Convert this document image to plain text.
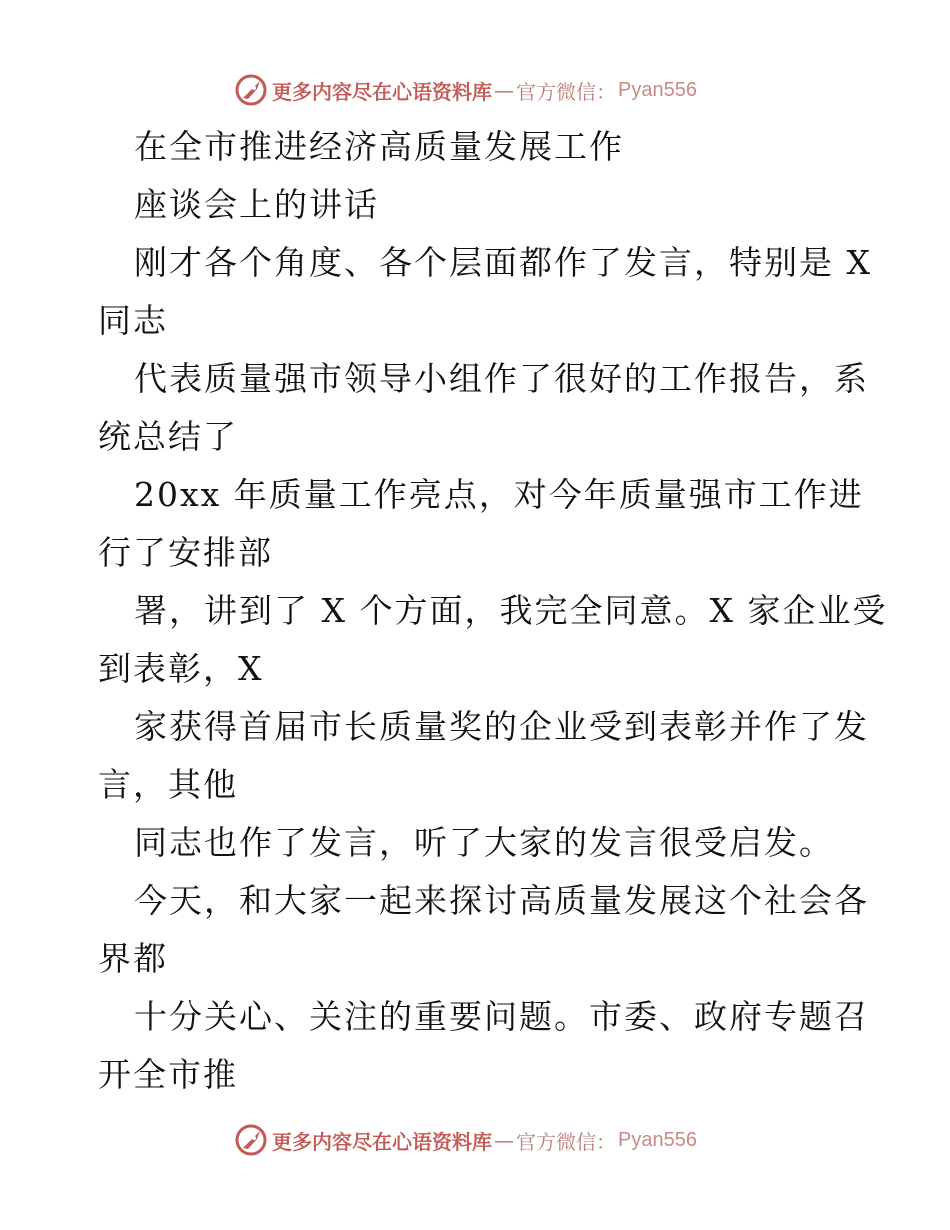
更多内容尽在心语资料库 — 官方微信： Pyan556
在全市推进经济高质量发展工作
座谈会上的讲话
刚才各个角度、各个层面都作了发言，特别是 X
同志
代表质量强市领导小组作了很好的工作报告，系
统总结了
20xx 年质量工作亮点，对今年质量强市工作进
行了安排部
署，讲到了 X 个方面，我完全同意。X 家企业受
到表彰，X
家获得首届市长质量奖的企业受到表彰并作了发
言，其他
同志也作了发言，听了大家的发言很受启发。
今天，和大家一起来探讨高质量发展这个社会各
界都
十分关心、关注的重要问题。市委、政府专题召
开全市推
更多内容尽在心语资料库 — 官方微信： Pyan556
